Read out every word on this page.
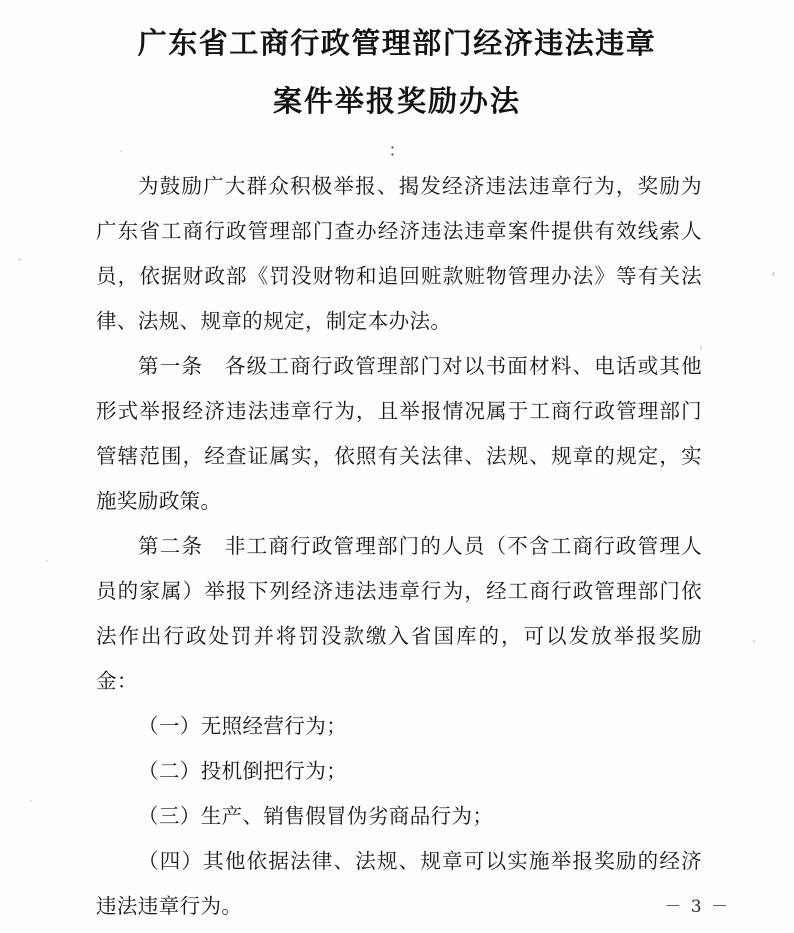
广东省工商行政管理部门经济违法违章
案件举报奖励办法
：

为鼓励广大群众积极举报、揭发经济违法违章行为，奖励为广东省工商行政管理部门查办经济违法违章案件提供有效线索人员，依据财政部《罚没财物和追回赃款赃物管理办法》等有关法律、法规、规章的规定，制定本办法。

第一条　各级工商行政管理部门对以书面材料、电话或其他形式举报经济违法违章行为，且举报情况属于工商行政管理部门管辖范围，经查证属实，依照有关法律、法规、规章的规定，实施奖励政策。

第二条　非工商行政管理部门的人员（不含工商行政管理人员的家属）举报下列经济违法违章行为，经工商行政管理部门依法作出行政处罚并将罚没款缴入省国库的，可以发放举报奖励金：

（一）无照经营行为；

（二）投机倒把行为；

（三）生产、销售假冒伪劣商品行为；

（四）其他依据法律、法规、规章可以实施举报奖励的经济违法违章行为。	－ 3 －
